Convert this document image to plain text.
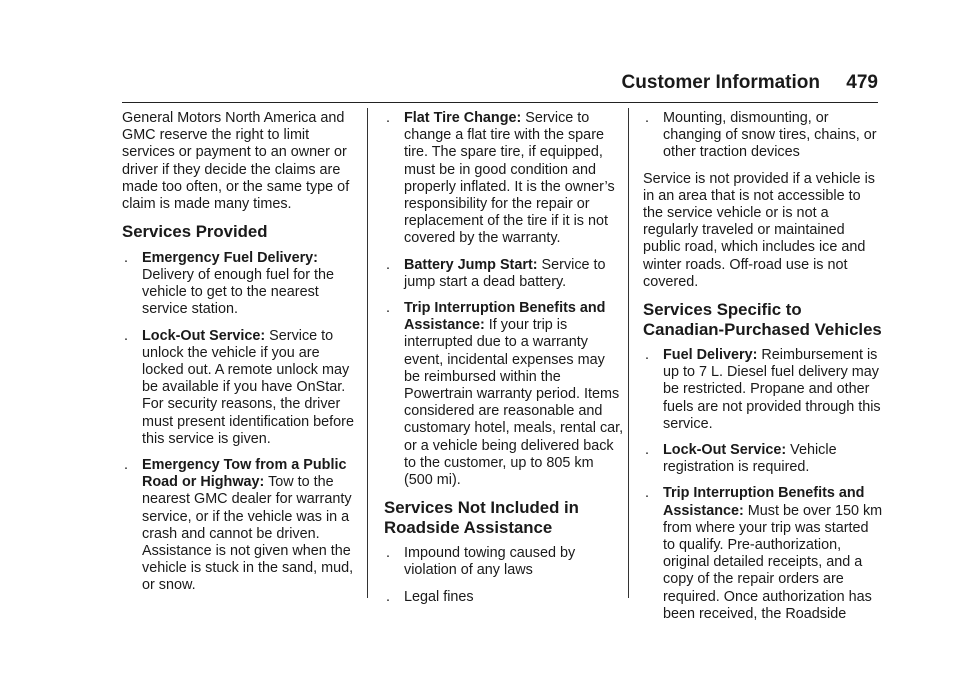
Customer Information 479

General Motors North America and GMC reserve the right to limit services or payment to an owner or driver if they decide the claims are made too often, or the same type of claim is made many times.

Services Provided
. Emergency Fuel Delivery: Delivery of enough fuel for the vehicle to get to the nearest service station.
. Lock-Out Service: Service to unlock the vehicle if you are locked out. A remote unlock may be available if you have OnStar. For security reasons, the driver must present identification before this service is given.
. Emergency Tow from a Public Road or Highway: Tow to the nearest GMC dealer for warranty service, or if the vehicle was in a crash and cannot be driven. Assistance is not given when the vehicle is stuck in the sand, mud, or snow.
. Flat Tire Change: Service to change a flat tire with the spare tire. The spare tire, if equipped, must be in good condition and properly inflated. It is the owner’s responsibility for the repair or replacement of the tire if it is not covered by the warranty.
. Battery Jump Start: Service to jump start a dead battery.
. Trip Interruption Benefits and Assistance: If your trip is interrupted due to a warranty event, incidental expenses may be reimbursed within the Powertrain warranty period. Items considered are reasonable and customary hotel, meals, rental car, or a vehicle being delivered back to the customer, up to 805 km (500 mi).
Services Not Included in Roadside Assistance
. Impound towing caused by violation of any laws
. Legal fines
. Mounting, dismounting, or changing of snow tires, chains, or other traction devices

Service is not provided if a vehicle is in an area that is not accessible to the service vehicle or is not a regularly traveled or maintained public road, which includes ice and winter roads. Off-road use is not covered.

Services Specific to Canadian-Purchased Vehicles
. Fuel Delivery: Reimbursement is up to 7 L. Diesel fuel delivery may be restricted. Propane and other fuels are not provided through this service.
. Lock-Out Service: Vehicle registration is required.
. Trip Interruption Benefits and Assistance: Must be over 150 km from where your trip was started to qualify. Pre-authorization, original detailed receipts, and a copy of the repair orders are required. Once authorization has been received, the Roadside
